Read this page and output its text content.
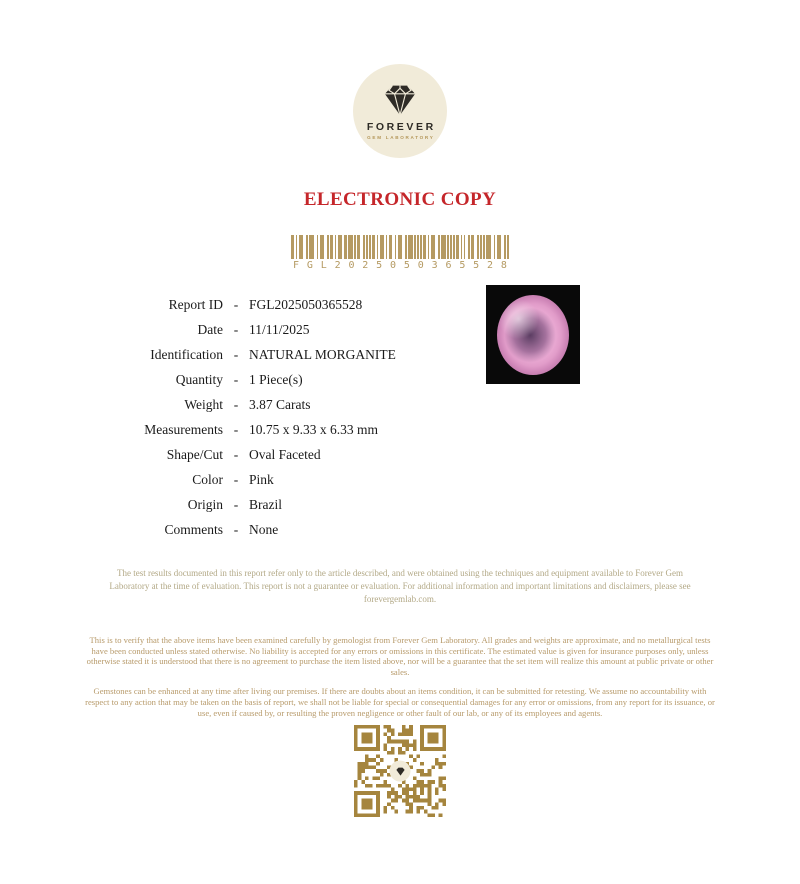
FOREVER
GEM LABORATORY
ELECTRONIC COPY
F G L 2 0 2 5 0 5 0 3 6 5 5 2 8
Report ID - FGL2025050365528
Date - 11/11/2025
Identification - NATURAL MORGANITE
Quantity - 1 Piece(s)
Weight - 3.87 Carats
Measurements - 10.75 x 9.33 x 6.33 mm
Shape/Cut - Oval Faceted
Color - Pink
Origin - Brazil
Comments - None

The test results documented in this report refer only to the article described, and were obtained using the techniques and equipment available to Forever Gem Laboratory at the time of evaluation. This report is not a guarantee or evaluation. For additional information and important limitations and disclaimers, please see forevergemlab.com.

This is to verify that the above items have been examined carefully by gemologist from Forever Gem Laboratory. All grades and weights are approximate, and no metallurgical tests have been conducted unless stated otherwise. No liability is accepted for any errors or omissions in this certificate. The estimated value is given for insurance purposes only, unless otherwise stated it is understood that there is no agreement to purchase the item listed above, nor will be a guarantee that the set item will realize this amount at public private or other sales.

Gemstones can be enhanced at any time after living our premises. If there are doubts about an items condition, it can be submitted for retesting. We assume no accountability with respect to any action that may be taken on the basis of report, we shall not be liable for special or consequential damages for any error or omissions, from any report for its issuance, or use, even if caused by, or resulting the proven negligence or other fault of our lab, or any of its employees and agents.
